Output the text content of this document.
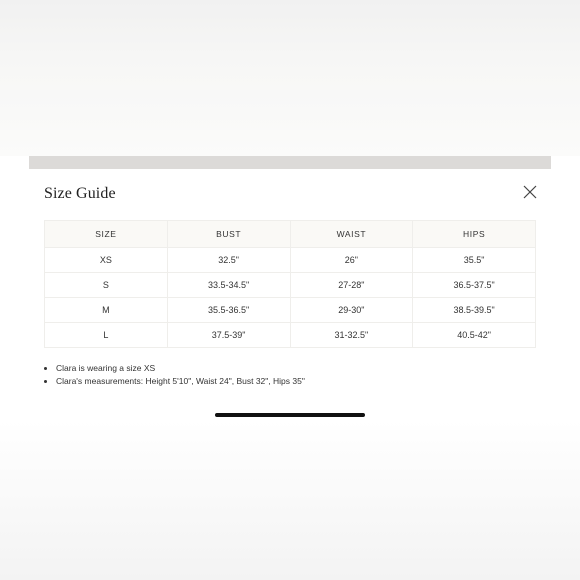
Size Guide
SIZE	BUST	WAIST	HIPS
XS	32.5"	26"	35.5"
S	33.5-34.5"	27-28"	36.5-37.5"
M	35.5-36.5"	29-30"	38.5-39.5"
L	37.5-39"	31-32.5"	40.5-42"
• Clara is wearing a size XS
• Clara's measurements: Height 5'10", Waist 24", Bust 32", Hips 35"
